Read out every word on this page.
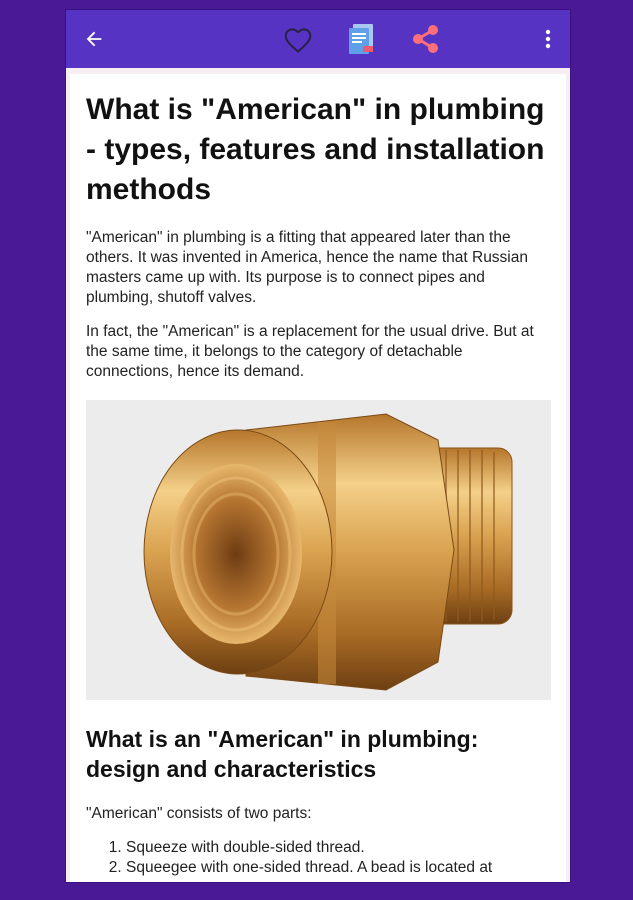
What is "American" in plumbing - types, features and installation methods

"American" in plumbing is a fitting that appeared later than the others. It was invented in America, hence the name that Russian masters came up with. Its purpose is to connect pipes and plumbing, shutoff valves.

In fact, the "American" is a replacement for the usual drive. But at the same time, it belongs to the category of detachable connections, hence its demand.

What is an "American" in plumbing: design and characteristics

"American" consists of two parts:

1. Squeeze with double-sided thread.
2. Squeegee with one-sided thread. A bead is located at
